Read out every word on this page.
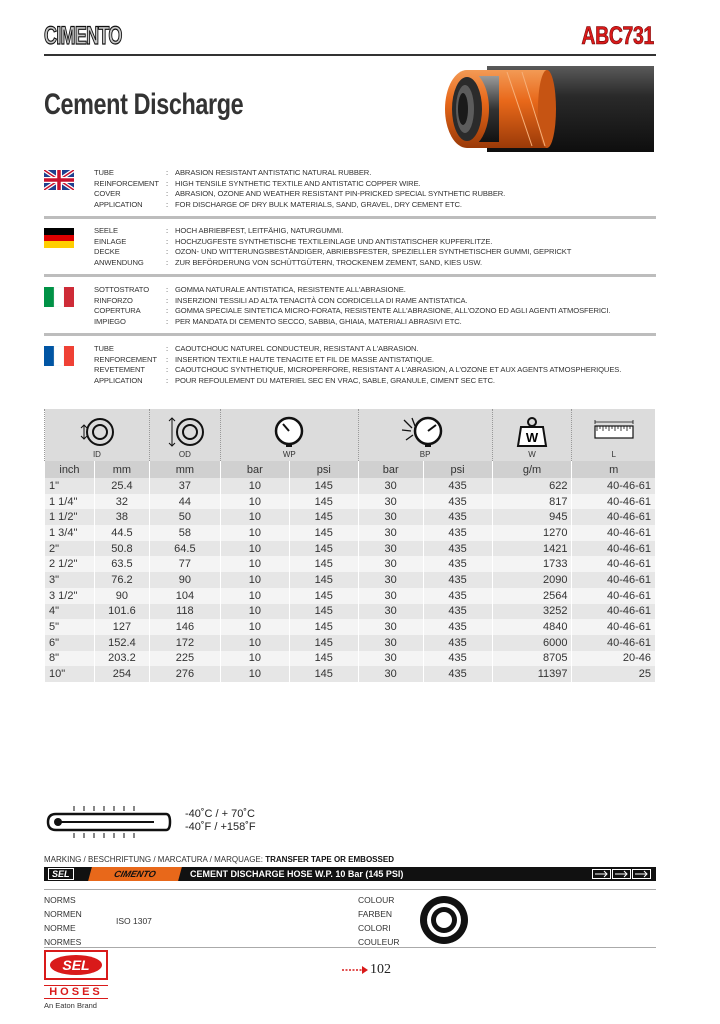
CIMENTO	ABC731
Cement Discharge
TUBE	: ABRASION RESISTANT ANTISTATIC NATURAL RUBBER.
REINFORCEMENT : HIGH TENSILE SYNTHETIC TEXTILE AND ANTISTATIC COPPER WIRE.
COVER	: ABRASION, OZONE AND WEATHER RESISTANT PIN-PRICKED SPECIAL SYNTHETIC RUBBER.
APPLICATION	: FOR DISCHARGE OF DRY BULK MATERIALS, SAND, GRAVEL, DRY CEMENT ETC.
SEELE	: HOCH ABRIEBFEST, LEITFÄHIG, NATURGUMMI.
EINLAGE	: HOCHZUGFESTE SYNTHETISCHE TEXTILEINLAGE UND ANTISTATISCHER KUPFERLITZE.
DECKE	: OZON- UND WITTERUNGSBESTÄNDIGER, ABRIEBSFESTER, SPEZIELLER SYNTHETISCHER GUMMI, GEPRICKT
ANWENDUNG	: ZUR BEFÖRDERUNG VON SCHÜTTGÜTERN, TROCKENEM ZEMENT, SAND, KIES USW.
SOTTOSTRATO	: GOMMA NATURALE ANTISTATICA, RESISTENTE ALL'ABRASIONE.
RINFORZO	: INSERZIONI TESSILI AD ALTA TENACITÀ CON CORDICELLA DI RAME ANTISTATICA.
COPERTURA	: GOMMA SPECIALE SINTETICA MICRO-FORATA, RESISTENTE ALL'ABRASIONE, ALL'OZONO ED AGLI AGENTI ATMOSFERICI.
IMPIEGO	: PER MANDATA DI CEMENTO SECCO, SABBIA, GHIAIA, MATERIALI ABRASIVI ETC.
TUBE	: CAOUTCHOUC NATUREL CONDUCTEUR, RESISTANT A L'ABRASION.
RENFORCEMENT	: INSERTION TEXTILE HAUTE TENACITE ET FIL DE MASSE ANTISTATIQUE.
REVETEMENT	: CAOUTCHOUC SYNTHETIQUE, MICROPERFORE, RESISTANT A L'ABRASION, A L'OZONE ET AUX AGENTS ATMOSPHERIQUES.
APPLICATION	: POUR REFOULEMENT DU MATERIEL SEC EN VRAC, SABLE, GRANULE, CIMENT SEC ETC.

ID		OD	WP		BP		W

W	L
inch	mm	mm	bar	psi	bar	psi	g/m	m
1"	25.4	37	10	145	30	435	622	40-46-61
1 1/4"	32	44	10	145	30	435	817	40-46-61
1 1/2"	38	50	10	145	30	435	945	40-46-61
1 3/4"	44.5	58	10	145	30	435	1270	40-46-61
2"	50.8	64.5	10	145	30	435	1421	40-46-61
2 1/2"	63.5	77	10	145	30	435	1733	40-46-61
3"	76.2	90	10	145	30	435	2090	40-46-61
3 1/2"	90	104	10	145	30	435	2564	40-46-61
4"	101.6	118	10	145	30	435	3252	40-46-61
5"	127	146	10	145	30	435	4840	40-46-61
6"	152.4	172	10	145	30	435	6000	40-46-61
8"	203.2	225	10	145	30	435	8705	20-46
10"	254	276	10	145	30	435	11397	25
-40˚C / + 70˚C
-40˚F / +158˚F
MARKING / BESCHRIFTUNG / MARCATURA / MARQUAGE: TRANSFER TAPE OR EMBOSSED
SEL	CIMENTO	CEMENT DISCHARGE HOSE W.P. 10 Bar (145 PSI)
NORMS
NORMEN
NORME
NORMES
ISO 1307
COLOUR
FARBEN
COLORI
COULEUR
SEL
HOSES
An Eaton Brand
102
